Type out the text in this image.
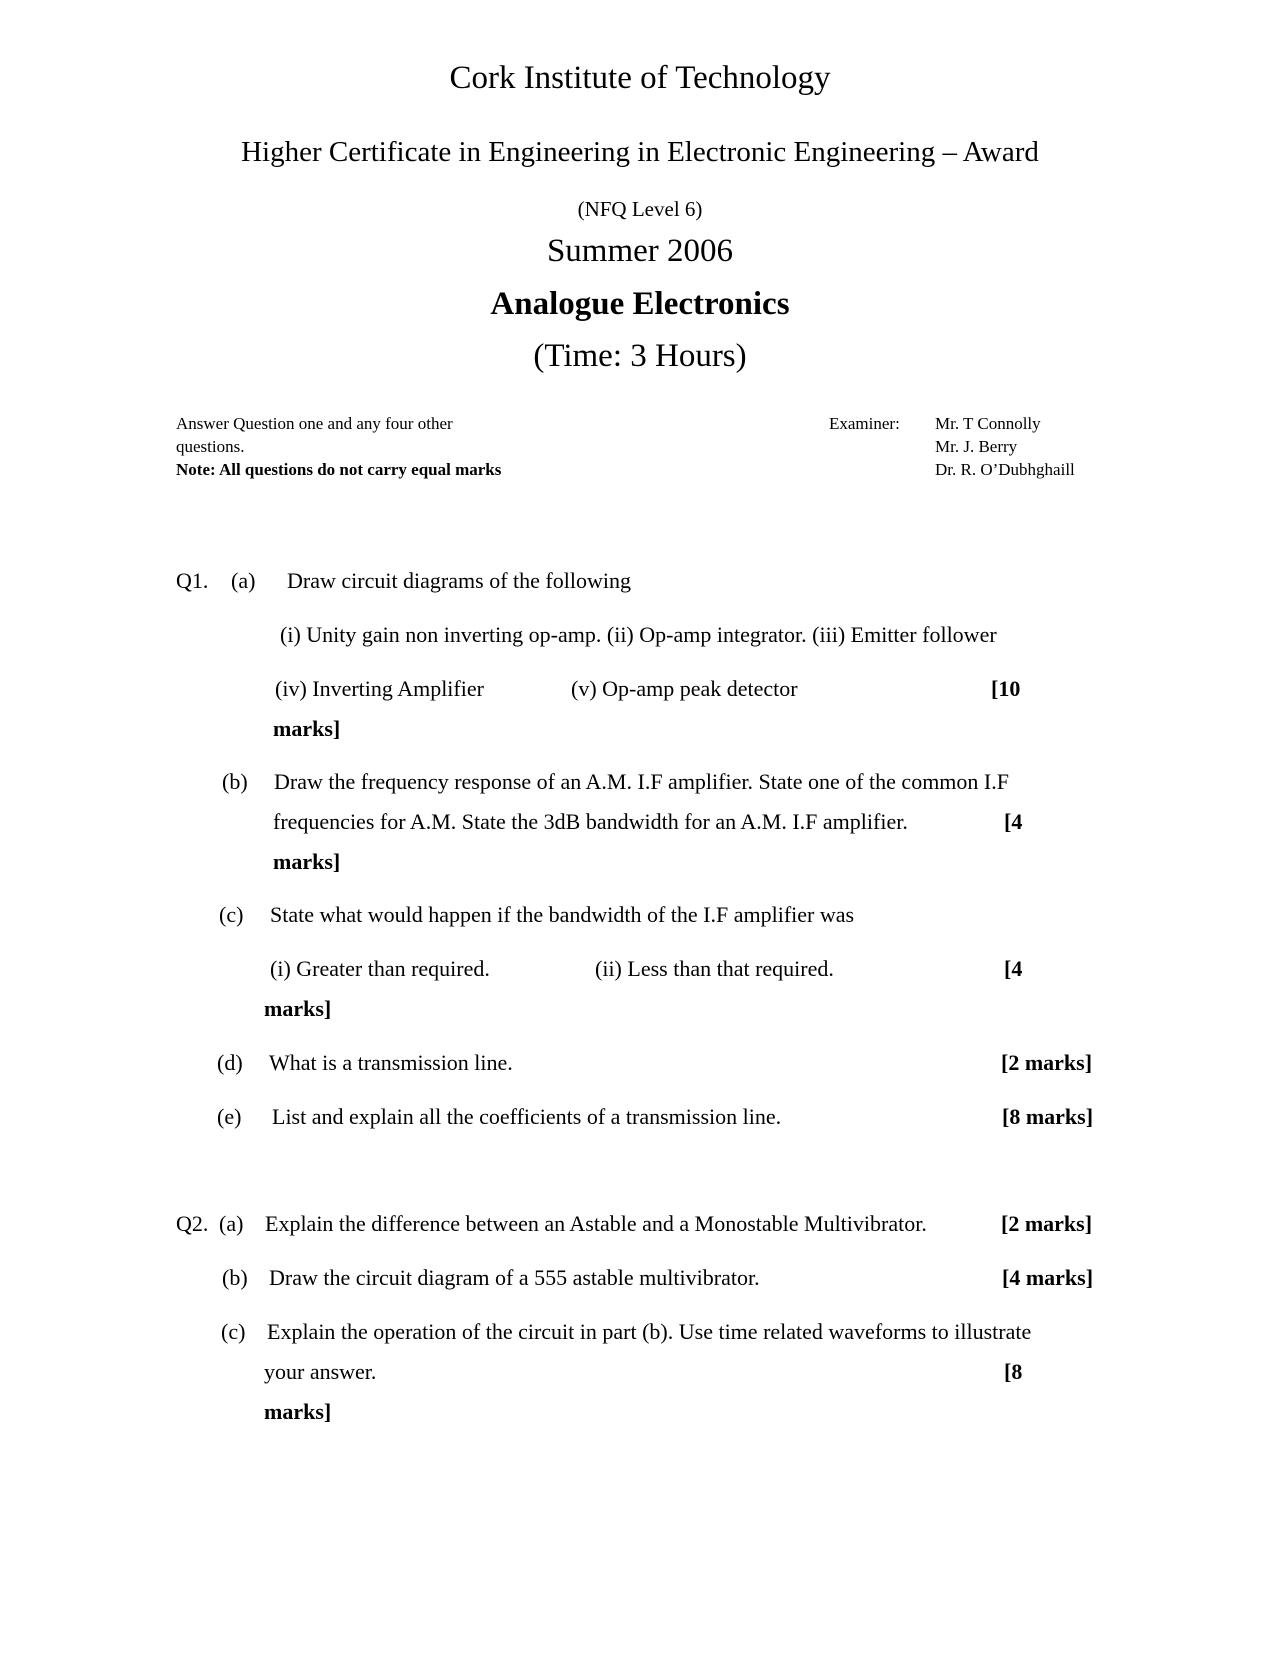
Cork Institute of Technology
Higher Certificate in Engineering in Electronic Engineering – Award
(NFQ Level 6)
Summer 2006
Analogue Electronics
(Time: 3 Hours)
Answer Question one and any four other
questions.
Note: All questions do not carry equal marks
Examiner: Mr. T Connolly
Mr. J. Berry
Dr. R. O’Dubhghaill
Q1. (a) Draw circuit diagrams of the following
(i) Unity gain non inverting op-amp. (ii) Op-amp integrator. (iii) Emitter follower
(iv) Inverting Amplifier	(v) Op-amp peak detector	[10
marks]
(b) Draw the frequency response of an A.M. I.F amplifier. State one of the common I.F
frequencies for A.M. State the 3dB bandwidth for an A.M. I.F amplifier.	[4
marks]
(c) State what would happen if the bandwidth of the I.F amplifier was
(i) Greater than required.	(ii) Less than that required.	[4
marks]
(d) What is a transmission line.	[2 marks]
(e) List and explain all the coefficients of a transmission line.	[8 marks]
Q2. (a) Explain the difference between an Astable and a Monostable Multivibrator.	[2 marks]
(b) Draw the circuit diagram of a 555 astable multivibrator.	[4 marks]
(c) Explain the operation of the circuit in part (b). Use time related waveforms to illustrate
your answer.	[8
marks]
